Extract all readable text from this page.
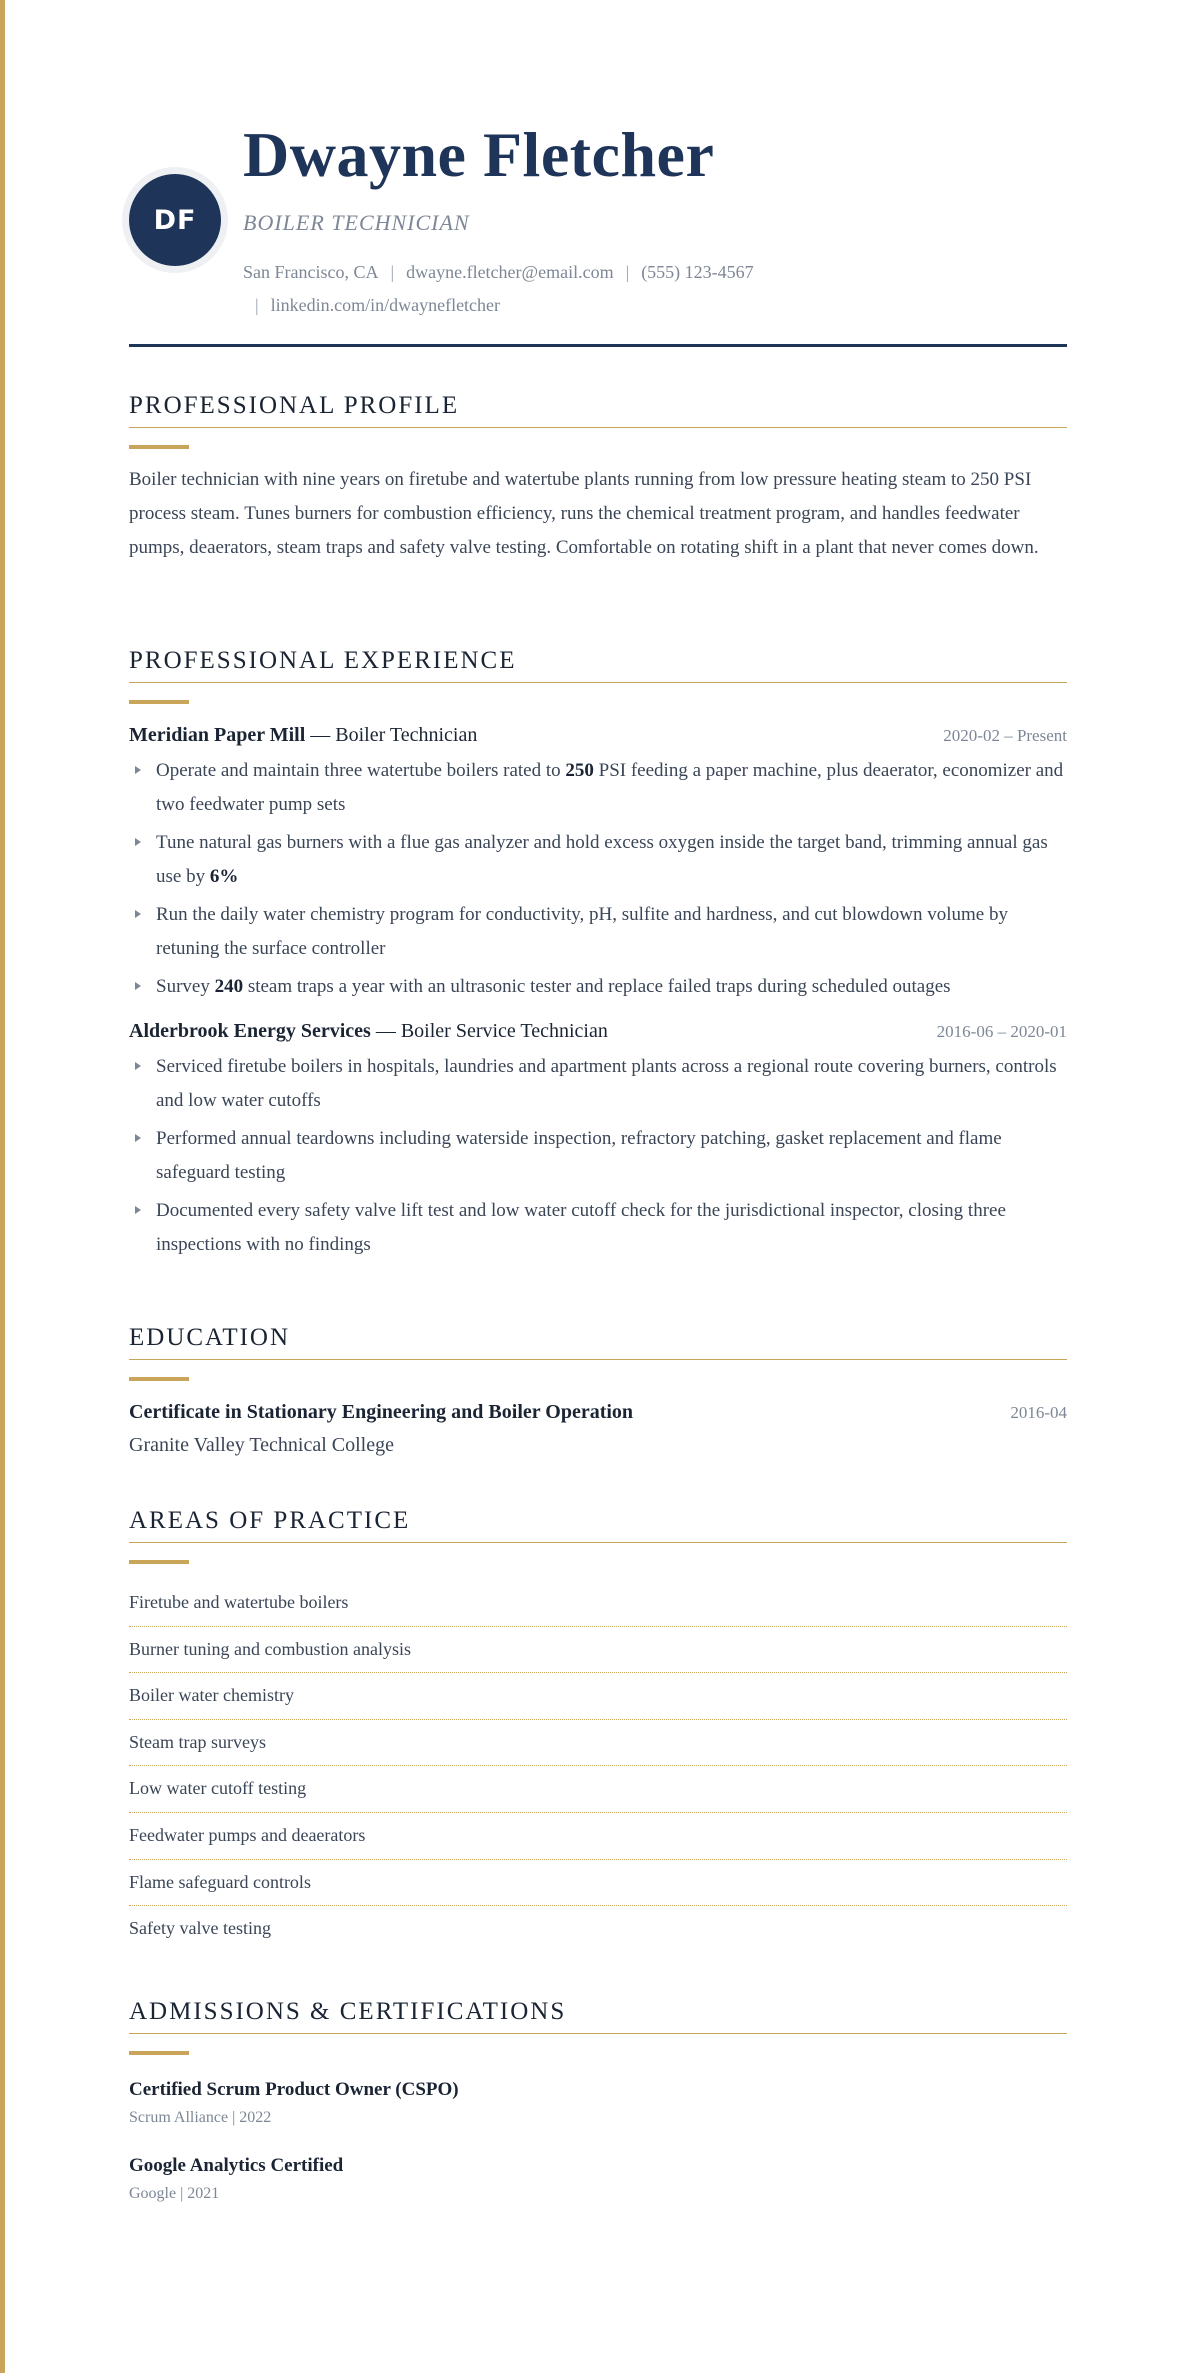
DF
Dwayne Fletcher
BOILER TECHNICIAN
San Francisco, CA | dwayne.fletcher@email.com | (555) 123-4567
| linkedin.com/in/dwaynefletcher
PROFESSIONAL PROFILE
Boiler technician with nine years on firetube and watertube plants running from low pressure heating steam to 250 PSI process steam. Tunes burners for combustion efficiency, runs the chemical treatment program, and handles feedwater pumps, deaerators, steam traps and safety valve testing. Comfortable on rotating shift in a plant that never comes down.
PROFESSIONAL EXPERIENCE
Meridian Paper Mill — Boiler Technician	2020-02 – Present
Operate and maintain three watertube boilers rated to 250 PSI feeding a paper machine, plus deaerator, economizer and two feedwater pump sets
Tune natural gas burners with a flue gas analyzer and hold excess oxygen inside the target band, trimming annual gas use by 6%
Run the daily water chemistry program for conductivity, pH, sulfite and hardness, and cut blowdown volume by retuning the surface controller
Survey 240 steam traps a year with an ultrasonic tester and replace failed traps during scheduled outages
Alderbrook Energy Services — Boiler Service Technician	2016-06 – 2020-01
Serviced firetube boilers in hospitals, laundries and apartment plants across a regional route covering burners, controls and low water cutoffs
Performed annual teardowns including waterside inspection, refractory patching, gasket replacement and flame safeguard testing
Documented every safety valve lift test and low water cutoff check for the jurisdictional inspector, closing three inspections with no findings
EDUCATION
Certificate in Stationary Engineering and Boiler Operation	2016-04
Granite Valley Technical College
AREAS OF PRACTICE
Firetube and watertube boilers
Burner tuning and combustion analysis
Boiler water chemistry
Steam trap surveys
Low water cutoff testing
Feedwater pumps and deaerators
Flame safeguard controls
Safety valve testing
ADMISSIONS & CERTIFICATIONS
Certified Scrum Product Owner (CSPO)
Scrum Alliance | 2022
Google Analytics Certified
Google | 2021
